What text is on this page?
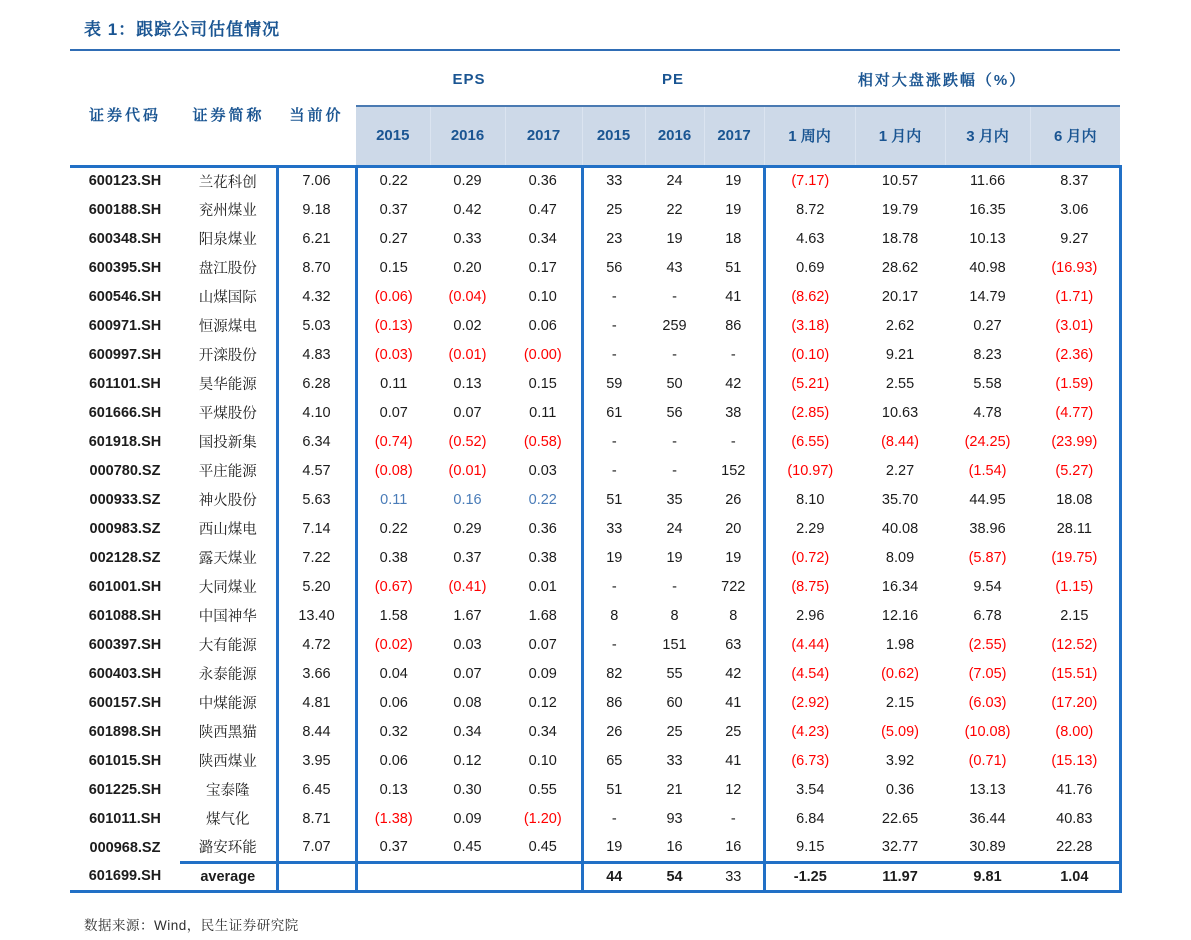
表 1：跟踪公司估值情况
证券代码	证券简称	当前价	EPS			PE			相对大盘涨跌幅（%）			
			2015	2016	2017	2015	2016	2017	1 周内	1 月内	3 月内	6 月内
600123.SH	兰花科创	7.06	0.22	0.29	0.36	33	24	19	(7.17)	10.57	11.66	8.37
600188.SH	兖州煤业	9.18	0.37	0.42	0.47	25	22	19	8.72	19.79	16.35	3.06
600348.SH	阳泉煤业	6.21	0.27	0.33	0.34	23	19	18	4.63	18.78	10.13	9.27
600395.SH	盘江股份	8.70	0.15	0.20	0.17	56	43	51	0.69	28.62	40.98	(16.93)
600546.SH	山煤国际	4.32	(0.06)	(0.04)	0.10	-	-	41	(8.62)	20.17	14.79	(1.71)
600971.SH	恒源煤电	5.03	(0.13)	0.02	0.06	-	259	86	(3.18)	2.62	0.27	(3.01)
600997.SH	开滦股份	4.83	(0.03)	(0.01)	(0.00)	-	-	-	(0.10)	9.21	8.23	(2.36)
601101.SH	昊华能源	6.28	0.11	0.13	0.15	59	50	42	(5.21)	2.55	5.58	(1.59)
601666.SH	平煤股份	4.10	0.07	0.07	0.11	61	56	38	(2.85)	10.63	4.78	(4.77)
601918.SH	国投新集	6.34	(0.74)	(0.52)	(0.58)	-	-	-	(6.55)	(8.44)	(24.25)	(23.99)
000780.SZ	平庄能源	4.57	(0.08)	(0.01)	0.03	-	-	152	(10.97)	2.27	(1.54)	(5.27)
000933.SZ	神火股份	5.63	0.11	0.16	0.22	51	35	26	8.10	35.70	44.95	18.08
000983.SZ	西山煤电	7.14	0.22	0.29	0.36	33	24	20	2.29	40.08	38.96	28.11
002128.SZ	露天煤业	7.22	0.38	0.37	0.38	19	19	19	(0.72)	8.09	(5.87)	(19.75)
601001.SH	大同煤业	5.20	(0.67)	(0.41)	0.01	-	-	722	(8.75)	16.34	9.54	(1.15)
601088.SH	中国神华	13.40	1.58	1.67	1.68	8	8	8	2.96	12.16	6.78	2.15
600397.SH	大有能源	4.72	(0.02)	0.03	0.07	-	151	63	(4.44)	1.98	(2.55)	(12.52)
600403.SH	永泰能源	3.66	0.04	0.07	0.09	82	55	42	(4.54)	(0.62)	(7.05)	(15.51)
600157.SH	中煤能源	4.81	0.06	0.08	0.12	86	60	41	(2.92)	2.15	(6.03)	(17.20)
601898.SH	陕西黑猫	8.44	0.32	0.34	0.34	26	25	25	(4.23)	(5.09)	(10.08)	(8.00)
601015.SH	陕西煤业	3.95	0.06	0.12	0.10	65	33	41	(6.73)	3.92	(0.71)	(15.13)
601225.SH	宝泰隆	6.45	0.13	0.30	0.55	51	21	12	3.54	0.36	13.13	41.76
601011.SH	煤气化	8.71	(1.38)	0.09	(1.20)	-	93	-	6.84	22.65	36.44	40.83
000968.SZ	潞安环能	7.07	0.37	0.45	0.45	19	16	16	9.15	32.77	30.89	22.28
601699.SH	average					44	54	33	-1.25	11.97	9.81	1.04
数据来源：Wind，民生证券研究院
